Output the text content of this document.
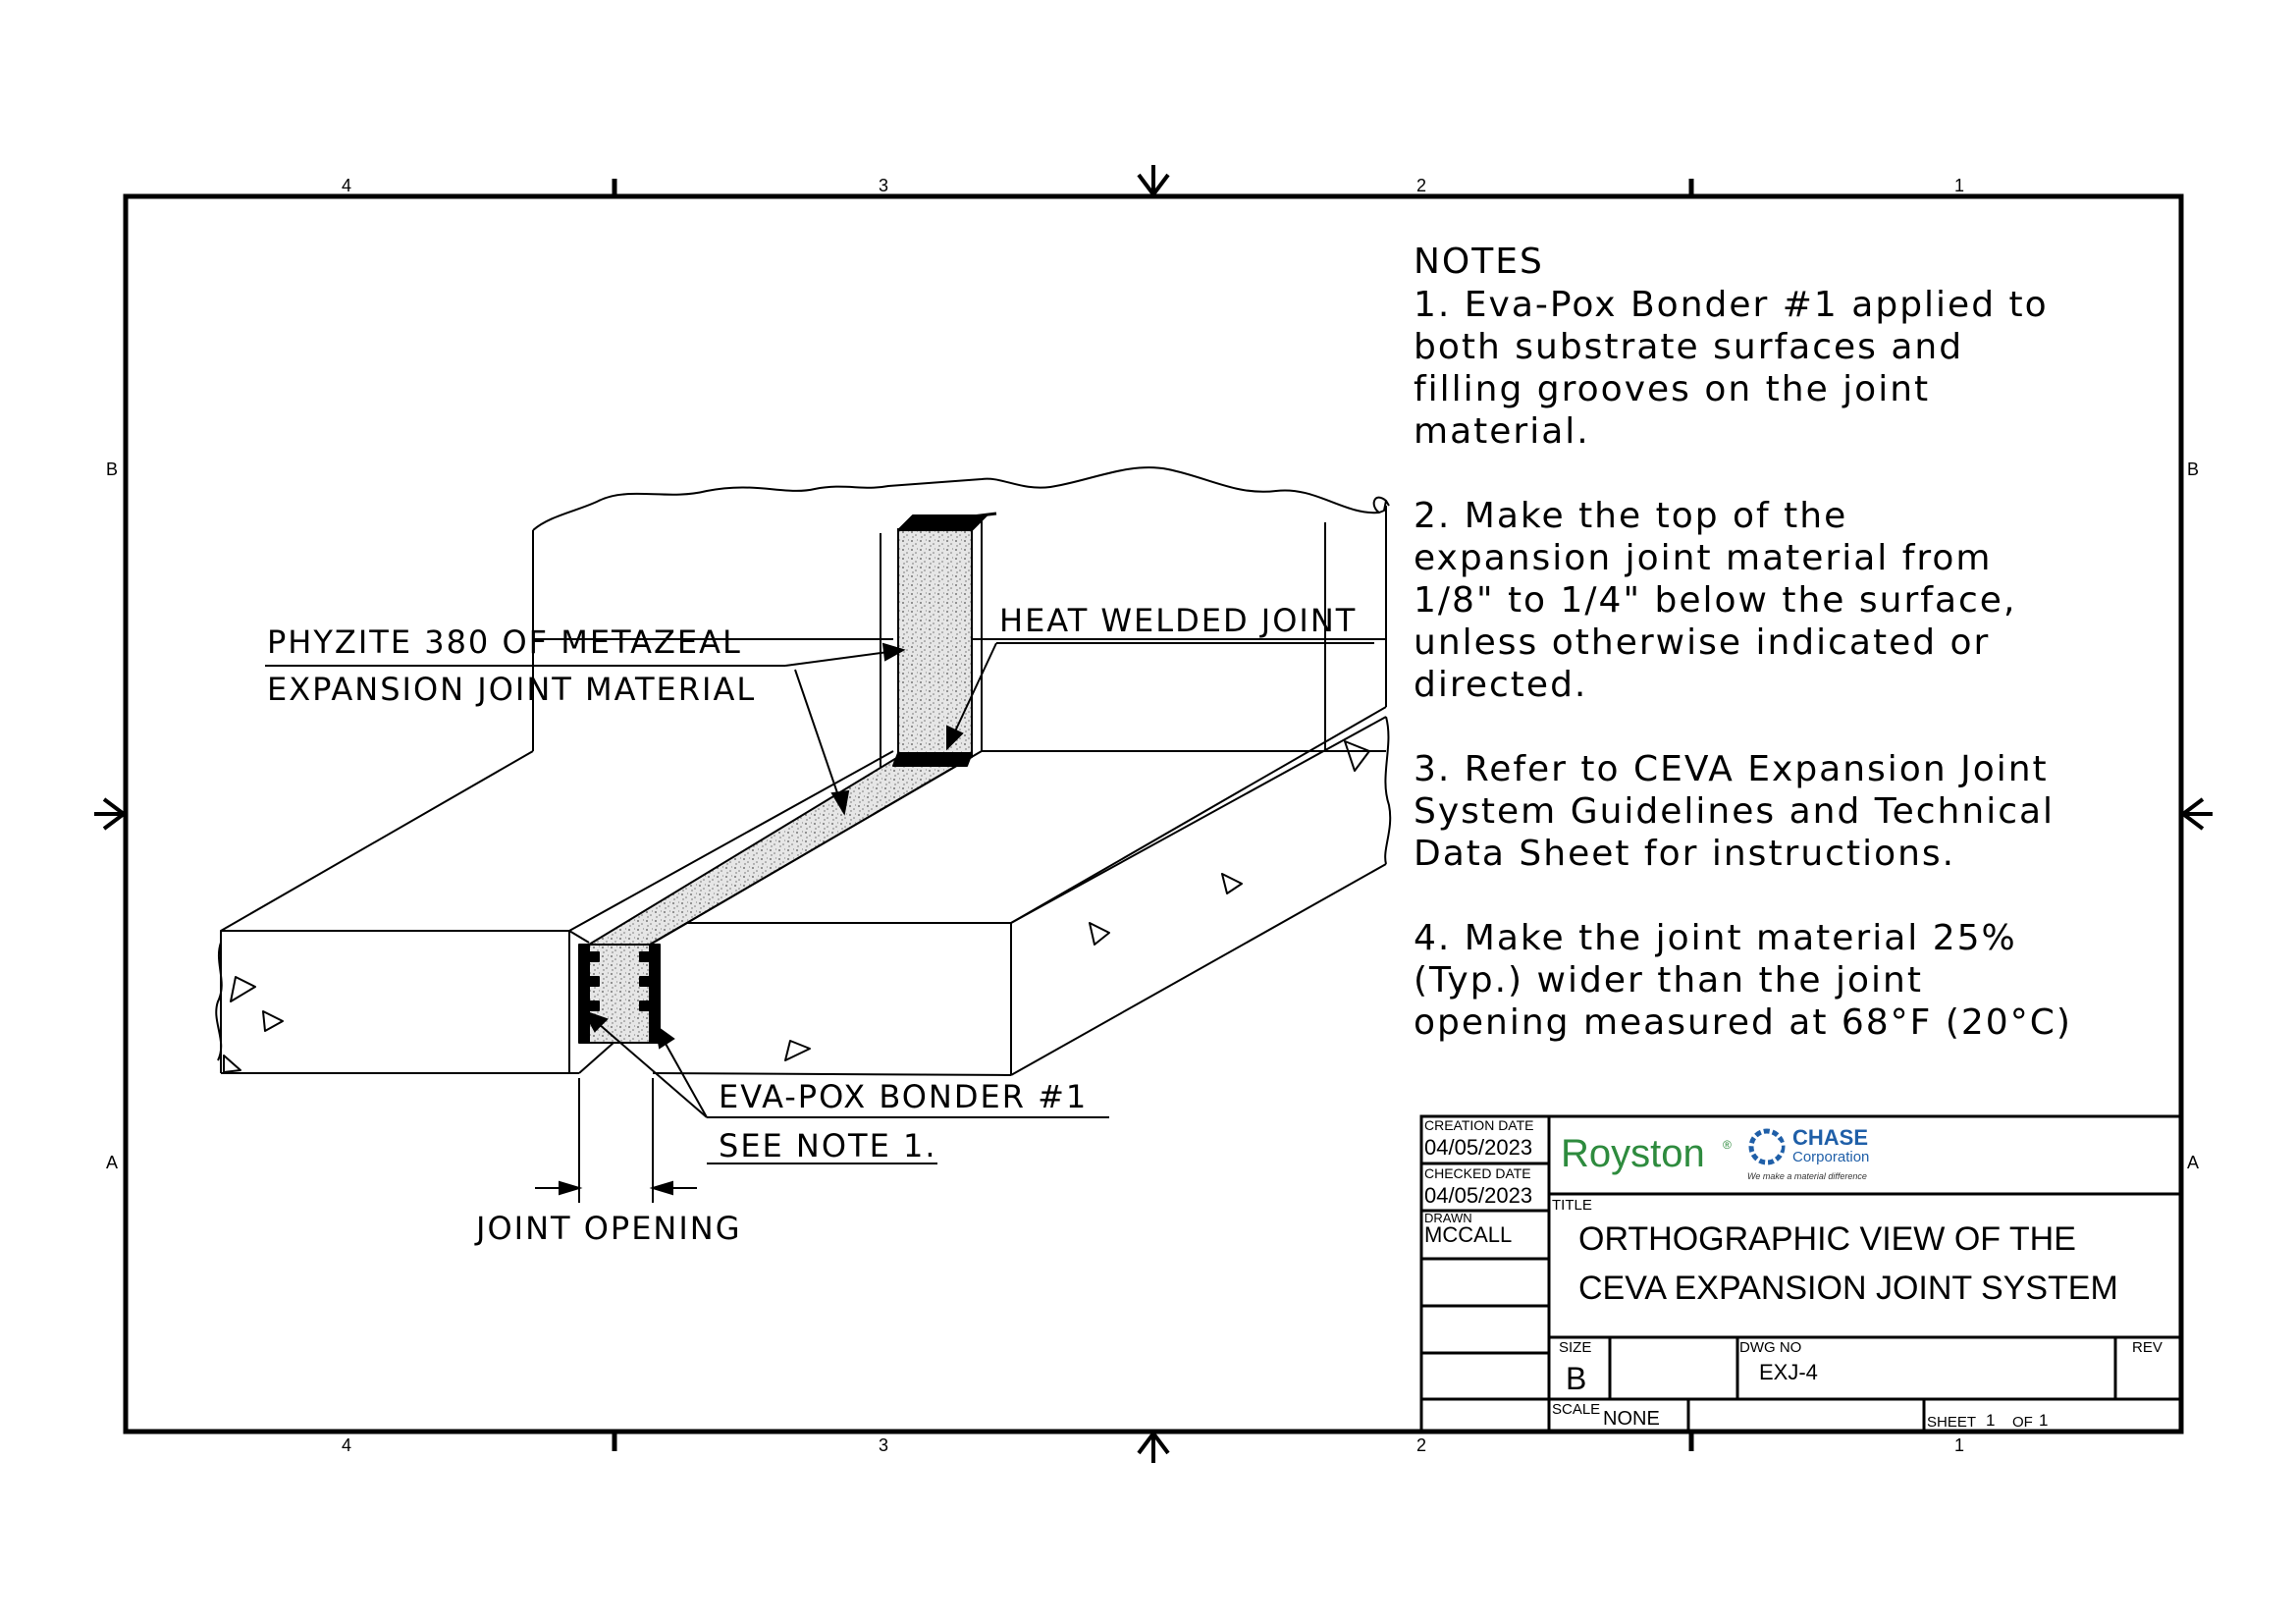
4	3	2	1
4	3	2	1
B
A
B
A
PHYZITE 380 OF METAZEAL
EXPANSION JOINT MATERIAL
HEAT WELDED JOINT
EVA-POX BONDER #1
SEE NOTE 1.
JOINT OPENING
NOTES
1. Eva-Pox Bonder #1 applied to
both substrate surfaces and
filling grooves on the joint
material.
2. Make the top of the
expansion joint material from
1/8" to 1/4" below the surface,
unless otherwise indicated or
directed.
3. Refer to CEVA Expansion Joint
System Guidelines and Technical
Data Sheet for instructions.
4. Make the joint material 25%
(Typ.) wider than the joint
opening measured at 68°F (20°C)
CREATION DATE
04/05/2023
CHECKED DATE
04/05/2023
DRAWN
MCCALL
Royston ®	CHASE
Corporation
We make a material difference
TITLE
ORTHOGRAPHIC VIEW OF THE
CEVA EXPANSION JOINT SYSTEM
SIZE
B
DWG NO
EXJ-4
REV
SCALE NONE	SHEET 1 OF 1
